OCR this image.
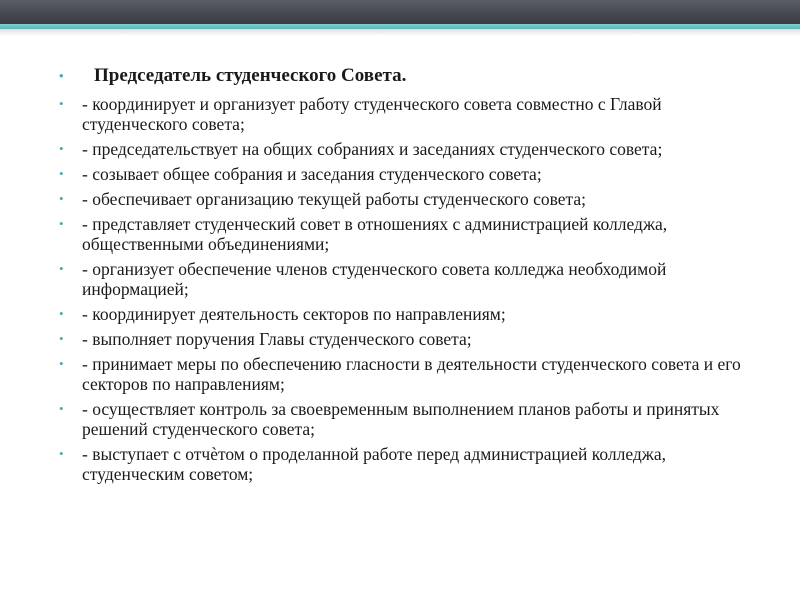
• Председатель студенческого Совета.
• - координирует и организует работу студенческого совета совместно с Главой студенческого совета;
• - председательствует на общих собраниях и заседаниях студенческого совета;
• - созывает общее собрания и заседания студенческого совета;
• - обеспечивает организацию текущей работы студенческого совета;
• - представляет студенческий совет в отношениях с администрацией колледжа, общественными объединениями;
• - организует обеспечение членов студенческого совета колледжа необходимой информацией;
• - координирует деятельность секторов по направлениям;
• - выполняет поручения Главы студенческого совета;
• - принимает меры по обеспечению гласности в деятельности студенческого совета и его секторов по направлениям;
• - осуществляет контроль за своевременным выполнением планов работы и принятых решений студенческого совета;
• - выступает с отчѐтом о проделанной работе перед администрацией колледжа, студенческим советом;
